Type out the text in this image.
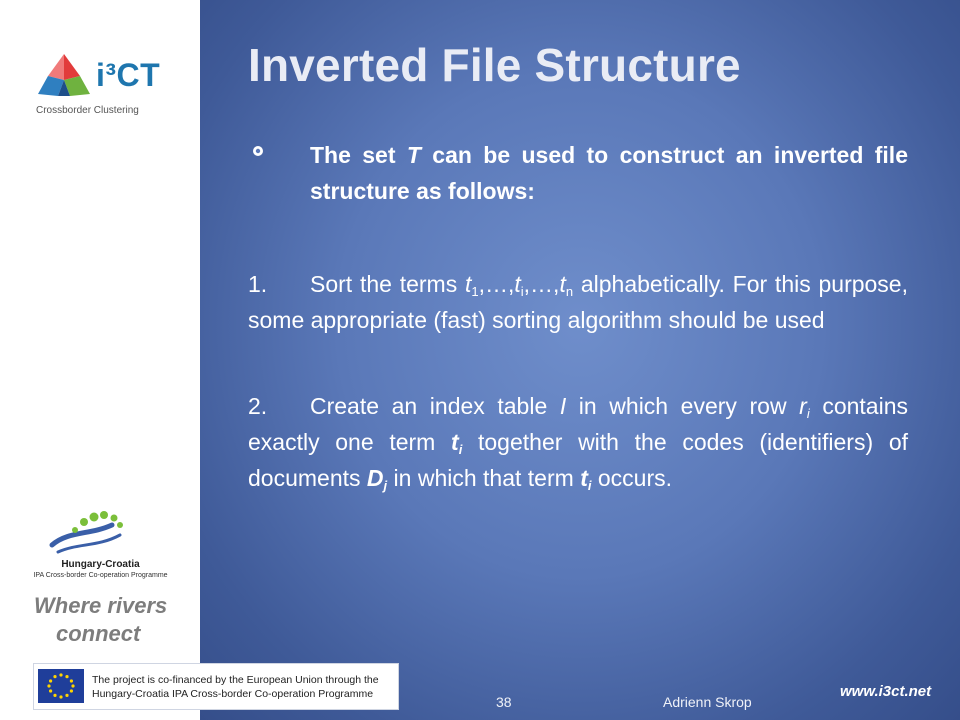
i³CT
Crossborder Clustering
Hungary-Croatia
IPA Cross-border Co-operation Programme
Where rivers
connect
Inverted File Structure
The set T can be used to construct an inverted file structure as follows:
1. Sort the terms $t_1,\dots,t_i,\dots,t_n$ alphabetically. For this purpose, some appropriate (fast) sorting algorithm should be used
2. Create an index table I in which every row $r_i$ contains exactly one term $t_i$ together with the codes (identifiers) of documents $D_j$ in which that term $t_i$ occurs.
38	Adrienn Skrop
www.i3ct.net
The project is co-financed by the European Union through the
Hungary-Croatia IPA Cross-border Co-operation Programme
